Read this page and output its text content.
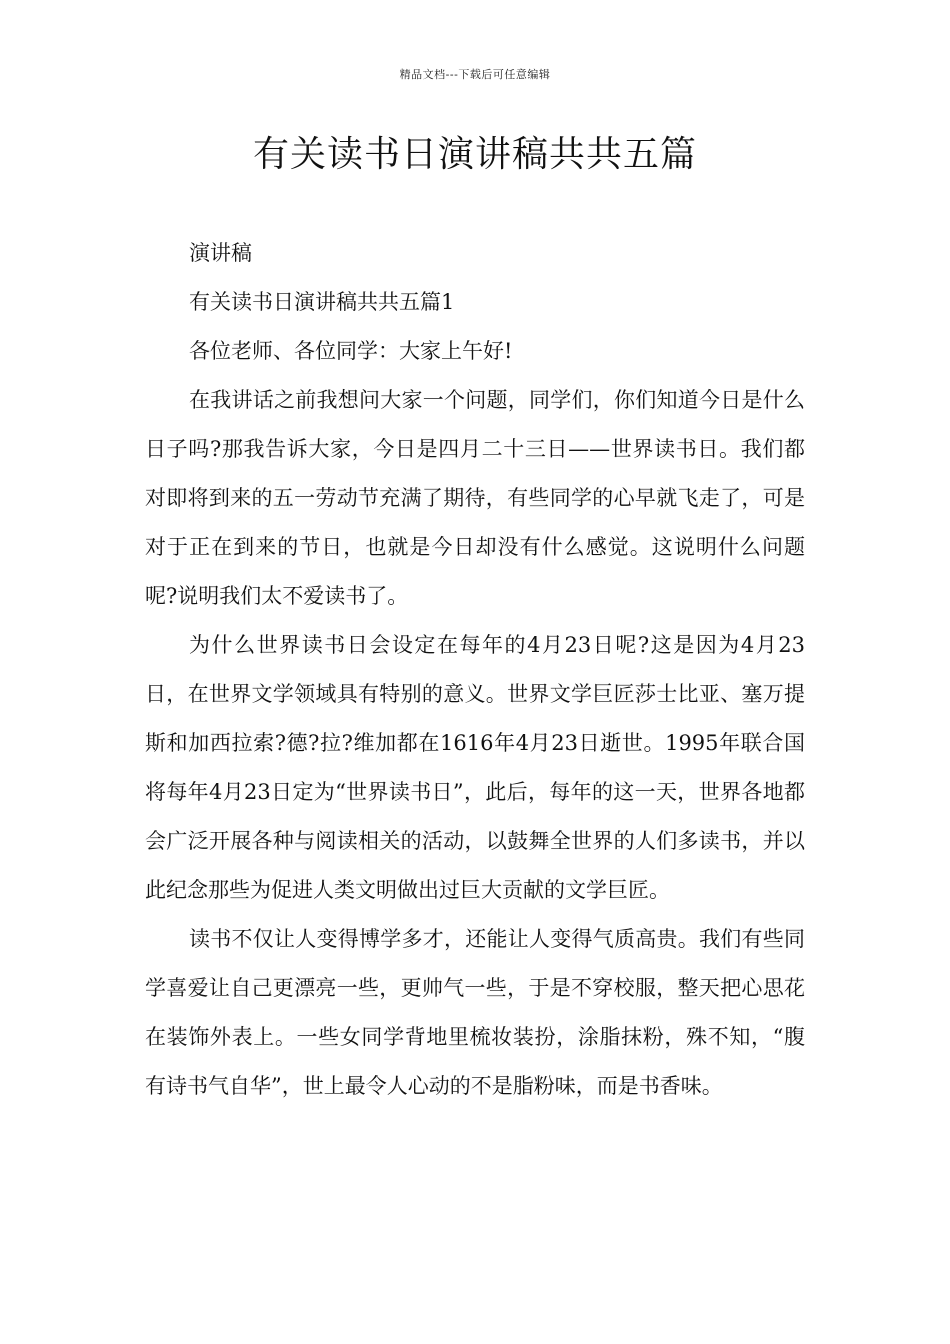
精品文档---下载后可任意编辑
有关读书日演讲稿共共五篇

演讲稿

有关读书日演讲稿共共五篇1

各位老师、各位同学：大家上午好!

在我讲话之前我想问大家一个问题，同学们，你们知道今日是什么日子吗?那我告诉大家，今日是四月二十三日——世界读书日。我们都对即将到来的五一劳动节充满了期待，有些同学的心早就飞走了，可是对于正在到来的节日，也就是今日却没有什么感觉。这说明什么问题呢?说明我们太不爱读书了。

为什么世界读书日会设定在每年的4月23日呢?这是因为4月23日，在世界文学领域具有特别的意义。世界文学巨匠莎士比亚、塞万提斯和加西拉索?德?拉?维加都在1616年4月23日逝世。1995年联合国将每年4月23日定为“世界读书日”，此后，每年的这一天，世界各地都会广泛开展各种与阅读相关的活动，以鼓舞全世界的人们多读书，并以此纪念那些为促进人类文明做出过巨大贡献的文学巨匠。

读书不仅让人变得博学多才，还能让人变得气质高贵。我们有些同学喜爱让自己更漂亮一些，更帅气一些，于是不穿校服，整天把心思花在装饰外表上。一些女同学背地里梳妆装扮，涂脂抹粉，殊不知，“腹有诗书气自华”，世上最令人心动的不是脂粉味，而是书香味。
